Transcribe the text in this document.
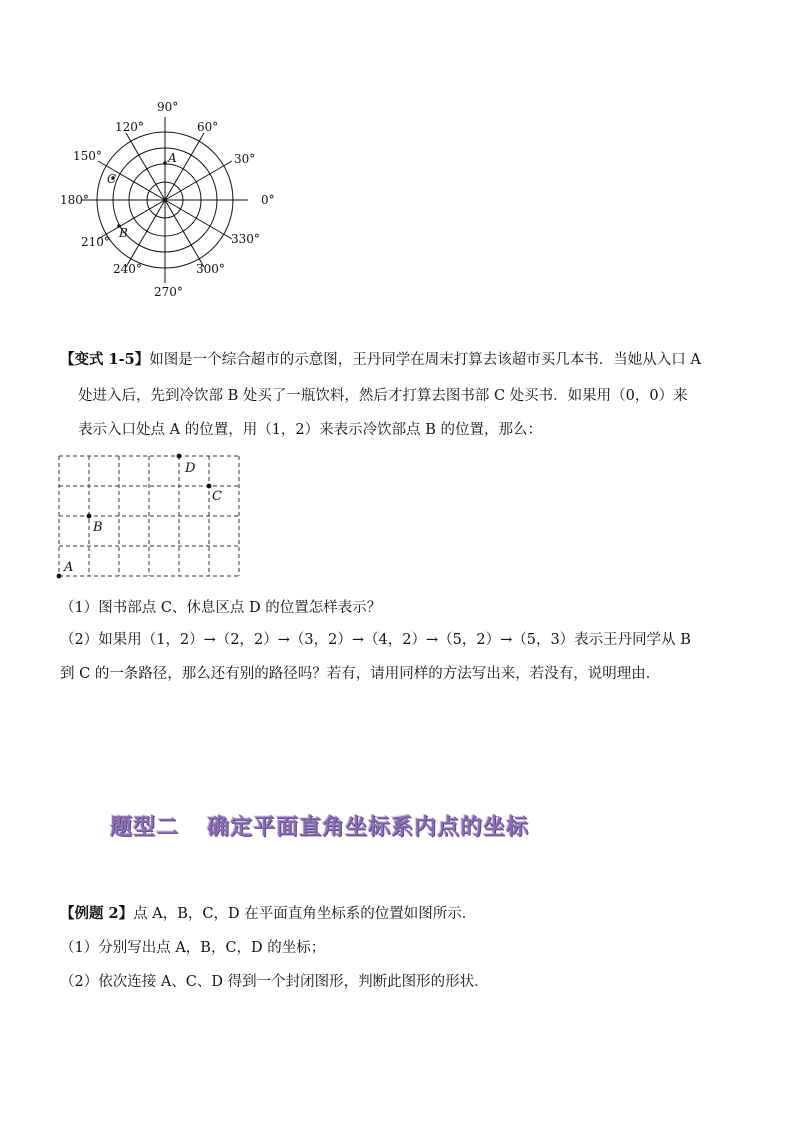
90°
60°
30°
0°
330°
300°
270°
240°
210°
180°
150°
120°
A
B
C
【变式 1-5】如图是一个综合超市的示意图，王丹同学在周末打算去该超市买几本书．当她从入口 A
处进入后，先到冷饮部 B 处买了一瓶饮料，然后才打算去图书部 C 处买书．如果用（0，0）来
表示入口处点 A 的位置，用（1，2）来表示冷饮部点 B 的位置，那么：
A
B
C
D
（1）图书部点 C、休息区点 D 的位置怎样表示？
（2）如果用（1，2）→（2，2）→（3，2）→（4，2）→（5，2）→（5，3）表示王丹同学从 B
到 C 的一条路径，那么还有别的路径吗？若有，请用同样的方法写出来，若没有，说明理由．
题型二 确定平面直角坐标系内点的坐标
【例题 2】点 A，B，C，D 在平面直角坐标系的位置如图所示．
（1）分别写出点 A，B，C，D 的坐标；
（2）依次连接 A、C、D 得到一个封闭图形，判断此图形的形状．
